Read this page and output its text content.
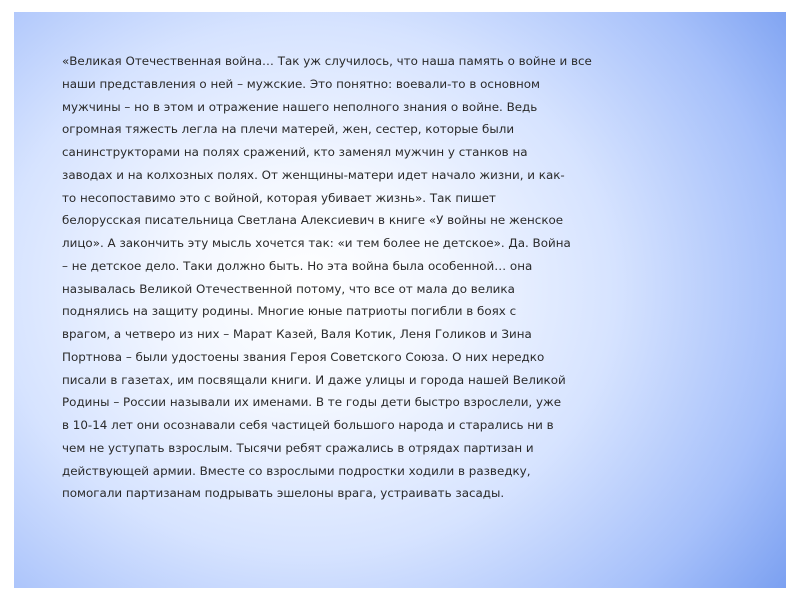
«Великая Отечественная война… Так уж случилось, что наша память о войне и все
наши представления о ней – мужские. Это понятно: воевали-то в основном
мужчины – но в этом и отражение нашего неполного знания о войне. Ведь
огромная тяжесть легла на плечи матерей, жен, сестер, которые были
санинструкторами на полях сражений, кто заменял мужчин у станков на
заводах и на колхозных полях. От женщины-матери идет начало жизни, и как-
то несопоставимо это с войной, которая убивает жизнь». Так пишет
белорусская писательница Светлана Алексиевич в книге «У войны не женское
лицо». А закончить эту мысль хочется так: «и тем более не детское». Да. Война
– не детское дело. Таки должно быть. Но эта война была особенной… она
называлась Великой Отечественной потому, что все от мала до велика
поднялись на защиту родины. Многие юные патриоты погибли в боях с
врагом, а четверо из них – Марат Казей, Валя Котик, Леня Голиков и Зина
Портнова – были удостоены звания Героя Советского Союза. О них нередко
писали в газетах, им посвящали книги. И даже улицы и города нашей Великой
Родины – России называли их именами. В те годы дети быстро взрослели, уже
в 10-14 лет они осознавали себя частицей большого народа и старались ни в
чем не уступать взрослым. Тысячи ребят сражались в отрядах партизан и
действующей армии. Вместе со взрослыми подростки ходили в разведку,
помогали партизанам подрывать эшелоны врага, устраивать засады.
